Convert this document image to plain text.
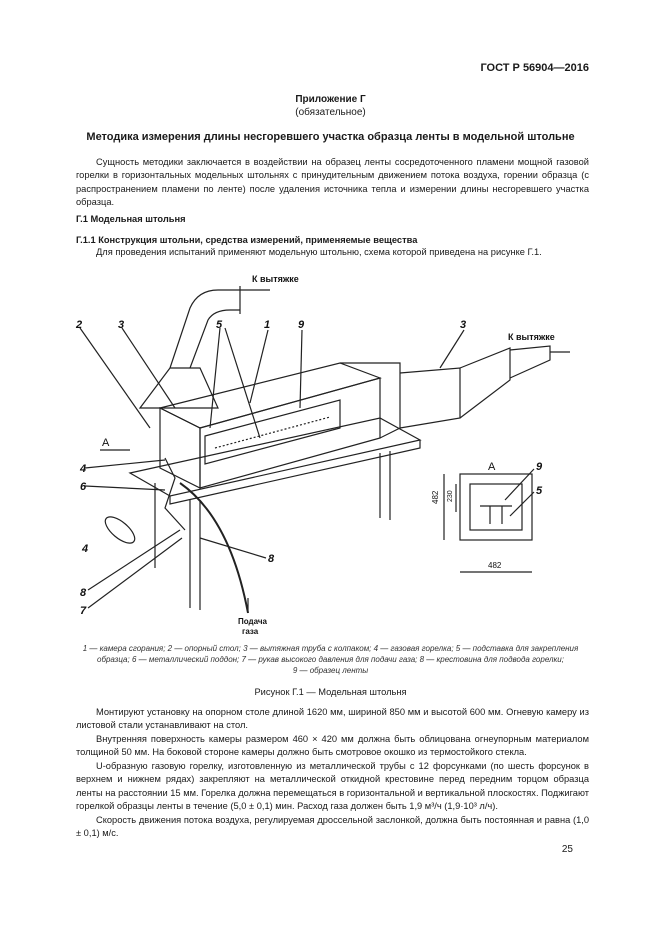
ГОСТ Р 56904—2016
Приложение Г
(обязательное)
Методика измерения длины несгоревшего участка образца ленты в модельной штольне
Сущность методики заключается в воздействии на образец ленты сосредоточенного пламени мощной газовой горелки в горизонтальных модельных штольнях с принудительным движением потока воздуха, горении образца (с распространением пламени по ленте) после удаления источника тепла и измерении длины несгоревшего участка образца.
Г.1 Модельная штольня
Г.1.1 Конструкция штольни, средства измерений, применяемые вещества
Для проведения испытаний применяют модельную штольню, схема которой приведена на рисунке Г.1.
К вытяжке
К вытяжке
Подача
газа
А
А
1
2	3	3
4
4
5
5
6
7
8
8
9
9
482 230
482
1 — камера сгорания; 2 — опорный стол; 3 — вытяжная труба с колпаком; 4 — газовая горелка; 5 — подставка для закрепления
образца; 6 — металлический поддон; 7 — рукав высокого давления для подачи газа; 8 — крестовина для подвода горелки;
9 — образец ленты
Рисунок Г.1 — Модельная штольня
Монтируют установку на опорном столе длиной 1620 мм, шириной 850 мм и высотой 600 мм. Огневую камеру из листовой стали устанавливают на стол.
Внутренняя поверхность камеры размером 460 × 420 мм должна быть облицована огнеупорным материалом толщиной 50 мм. На боковой стороне камеры должно быть смотровое окошко из термостойкого стекла.
U-образную газовую горелку, изготовленную из металлической трубы с 12 форсунками (по шесть форсунок в верхнем и нижнем рядах) закрепляют на металлической откидной крестовине перед передним торцом образца ленты на расстоянии 15 мм. Горелка должна перемещаться в горизонтальной и вертикальной плоскостях. Поджигают горелкой образцы ленты в течение (5,0 ± 0,1) мин. Расход газа должен быть 1,9 м³/ч (1,9·10³ л/ч).
Скорость движения потока воздуха, регулируемая дроссельной заслонкой, должна быть постоянная и равна (1,0 ± 0,1) м/с.
25
